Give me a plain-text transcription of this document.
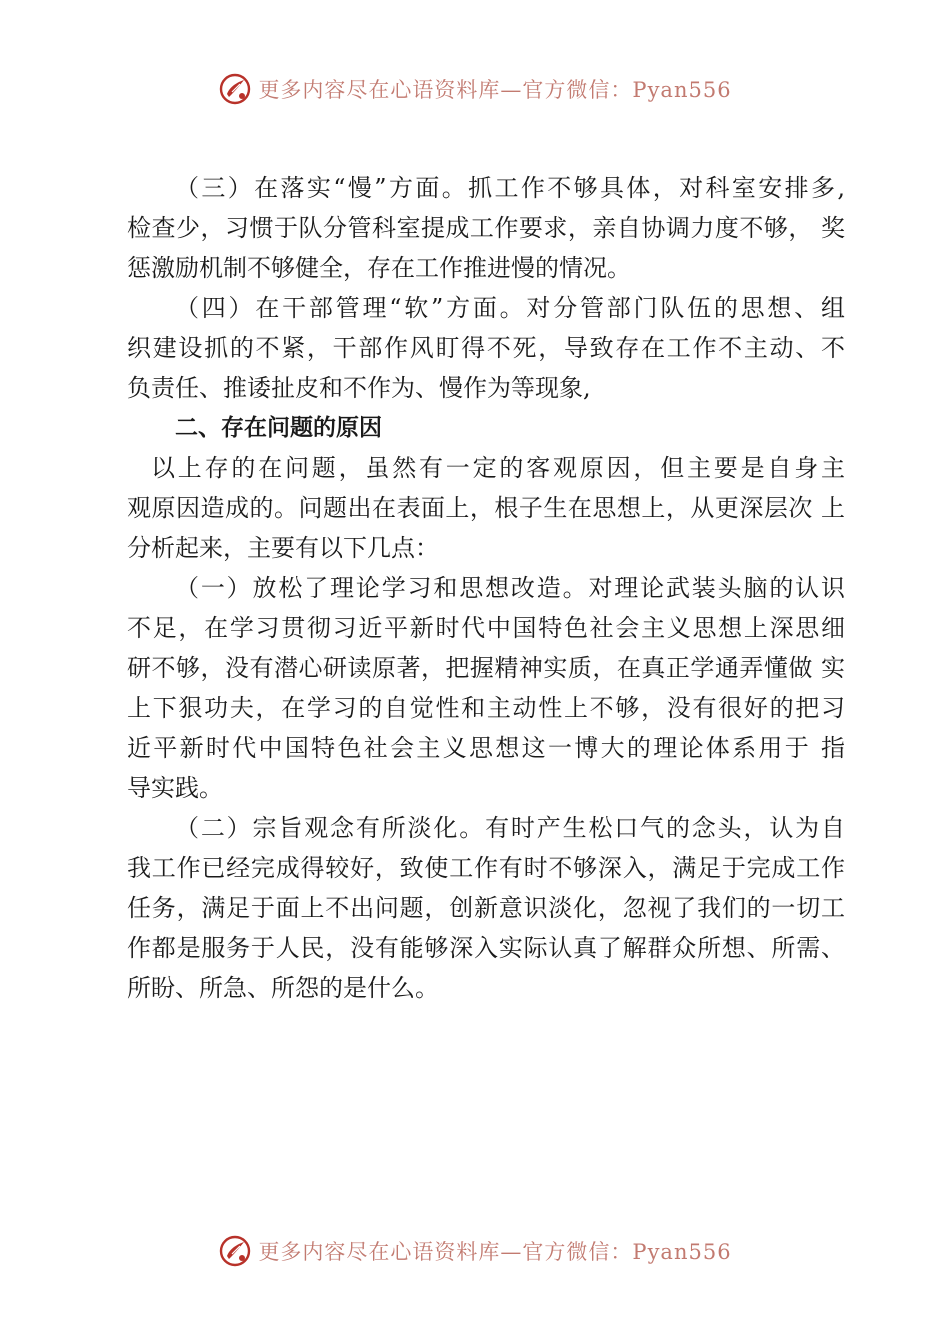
更多内容尽在心语资料库—官方微信：Pyan556
（三）在落实“慢”方面。抓工作不够具体，对科室安排多,
检查少，习惯于队分管科室提成工作要求，亲自协调力度不够， 奖
惩激励机制不够健全，存在工作推进慢的情况。
（四）在干部管理“软”方面。对分管部门队伍的思想、组
织建设抓的不紧，干部作风盯得不死，导致存在工作不主动、不
负责任、推诿扯皮和不作为、慢作为等现象,
二、存在问题的原因
以上存的在问题，虽然有一定的客观原因，但主要是自身主
观原因造成的。问题出在表面上，根子生在思想上，从更深层次 上
分析起来，主要有以下几点：
（一）放松了理论学习和思想改造。对理论武装头脑的认识
不足，在学习贯彻习近平新时代中国特色社会主义思想上深思细
研不够，没有潜心研读原著，把握精神实质，在真正学通弄懂做 实
上下狠功夫，在学习的自觉性和主动性上不够，没有很好的把习
近平新时代中国特色社会主义思想这一博大的理论体系用于 指
导实践。
（二）宗旨观念有所淡化。有时产生松口气的念头，认为自
我工作已经完成得较好，致使工作有时不够深入，满足于完成工作
任务，满足于面上不出问题，创新意识淡化，忽视了我们的一切工
作都是服务于人民，没有能够深入实际认真了解群众所想、所需、
所盼、所急、所怨的是什么。
更多内容尽在心语资料库—官方微信：Pyan556
